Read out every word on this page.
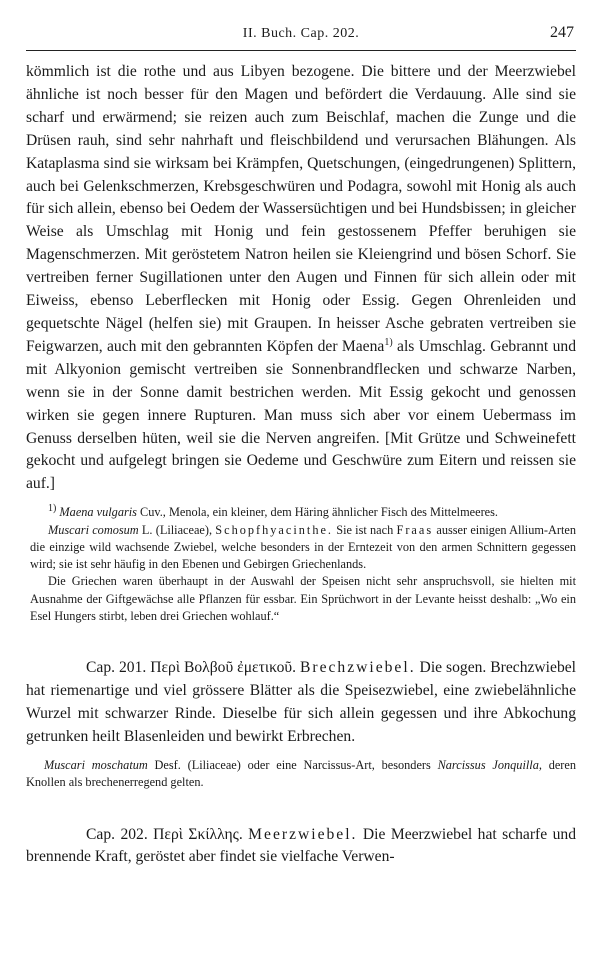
II. Buch. Cap. 202.	247

kömmlich ist die rothe und aus Libyen bezogene. Die bittere und der Meerzwiebel ähnliche ist noch besser für den Magen und befördert die Verdauung. Alle sind sie scharf und erwärmend; sie reizen auch zum Beischlaf, machen die Zunge und die Drüsen rauh, sind sehr nahrhaft und fleischbildend und verursachen Blähungen. Als Kataplasma sind sie wirksam bei Krämpfen, Quetschungen, (eingedrungenen) Splittern, auch bei Gelenkschmerzen, Krebsgeschwüren und Podagra, sowohl mit Honig als auch für sich allein, ebenso bei Oedem der Wassersüchtigen und bei Hundsbissen; in gleicher Weise als Umschlag mit Honig und fein gestossenem Pfeffer beruhigen sie Magenschmerzen. Mit geröstetem Natron heilen sie Kleiengrind und bösen Schorf. Sie vertreiben ferner Sugillationen unter den Augen und Finnen für sich allein oder mit Eiweiss, ebenso Leberflecken mit Honig oder Essig. Gegen Ohrenleiden und gequetschte Nägel (helfen sie) mit Graupen. In heisser Asche gebraten vertreiben sie Feigwarzen, auch mit den gebrannten Köpfen der Maena$^{1)}$ als Umschlag. Gebrannt und mit Alkyonion gemischt vertreiben sie Sonnenbrandflecken und schwarze Narben, wenn sie in der Sonne damit bestrichen werden. Mit Essig gekocht und genossen wirken sie gegen innere Rupturen. Man muss sich aber vor einem Uebermass im Genuss derselben hüten, weil sie die Nerven angreifen. [Mit Grütze und Schweinefett gekocht und aufgelegt bringen sie Oedeme und Geschwüre zum Eitern und reissen sie auf.]

$^{1)}$ Maena vulgaris Cuv., Menola, ein kleiner, dem Häring ähnlicher Fisch des Mittelmeeres.

Muscari comosum L. (Liliaceae), Schopfhyacinthe. Sie ist nach Fraas ausser einigen Allium-Arten die einzige wild wachsende Zwiebel, welche besonders in der Erntezeit von den armen Schnittern gegessen wird; sie ist sehr häufig in den Ebenen und Gebirgen Griechenlands.

Die Griechen waren überhaupt in der Auswahl der Speisen nicht sehr anspruchsvoll, sie hielten mit Ausnahme der Giftgewächse alle Pflanzen für essbar. Ein Sprüchwort in der Levante heisst deshalb: „Wo ein Esel Hungers stirbt, leben drei Griechen wohlauf.“

Cap. 201. Περὶ Βολβοῦ ἐμετικοῦ. Brechzwiebel. Die sogen. Brechzwiebel hat riemenartige und viel grössere Blätter als die Speisezwiebel, eine zwiebelähnliche Wurzel mit schwarzer Rinde. Dieselbe für sich allein gegessen und ihre Abkochung getrunken heilt Blasenleiden und bewirkt Erbrechen.

Muscari moschatum Desf. (Liliaceae) oder eine Narcissus-Art, besonders Narcissus Jonquilla, deren Knollen als brechenerregend gelten.

Cap. 202. Περὶ Σκίλλης. Meerzwiebel. Die Meerzwiebel hat scharfe und brennende Kraft, geröstet aber findet sie vielfache Verwen-
